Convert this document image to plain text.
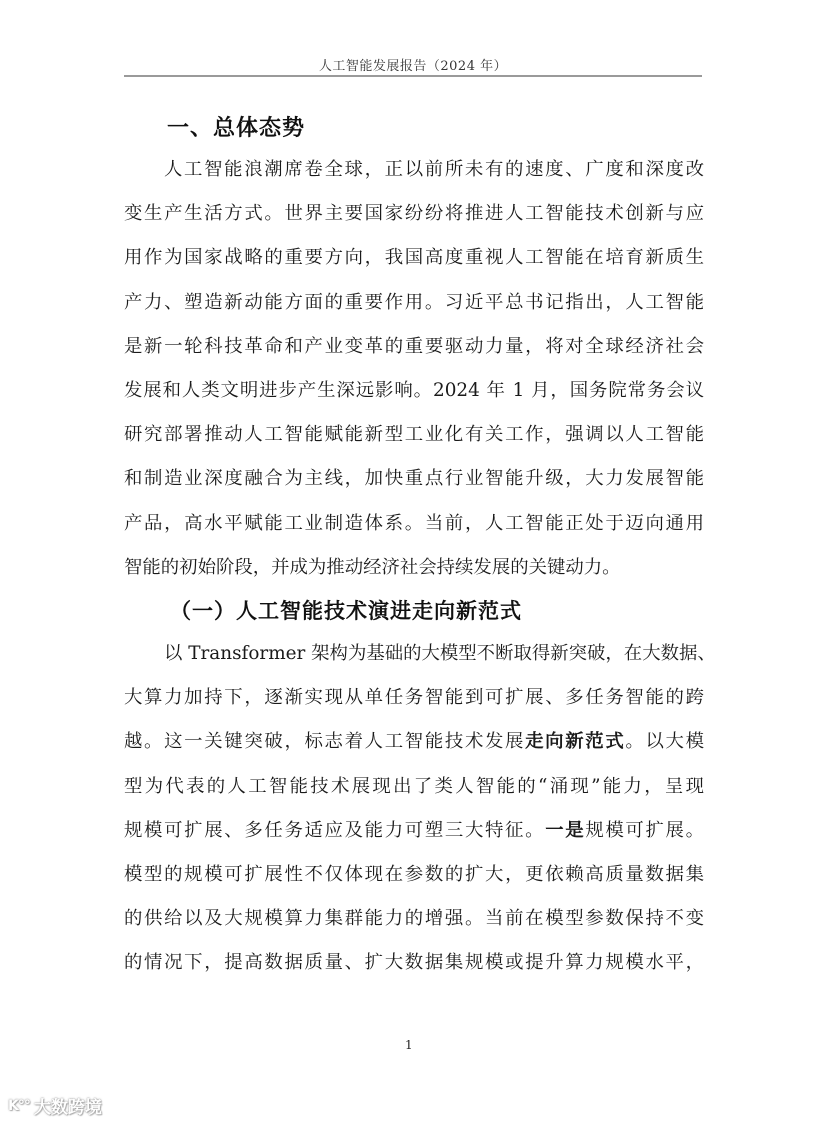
人工智能发展报告（2024 年）
一、总体态势
人工智能浪潮席卷全球，正以前所未有的速度、广度和深度改
变生产生活方式。世界主要国家纷纷将推进人工智能技术创新与应
用作为国家战略的重要方向，我国高度重视人工智能在培育新质生
产力、塑造新动能方面的重要作用。习近平总书记指出，人工智能
是新一轮科技革命和产业变革的重要驱动力量，将对全球经济社会
发展和人类文明进步产生深远影响。2024 年 1 月，国务院常务会议
研究部署推动人工智能赋能新型工业化有关工作，强调以人工智能
和制造业深度融合为主线，加快重点行业智能升级，大力发展智能
产品，高水平赋能工业制造体系。当前，人工智能正处于迈向通用
智能的初始阶段，并成为推动经济社会持续发展的关键动力。
（一）人工智能技术演进走向新范式
以 Transformer 架构为基础的大模型不断取得新突破，在大数据、
大算力加持下，逐渐实现从单任务智能到可扩展、多任务智能的跨
越。这一关键突破，标志着人工智能技术发展走向新范式。以大模
型为代表的人工智能技术展现出了类人智能的“涌现”能力，呈现
规模可扩展、多任务适应及能力可塑三大特征。一是规模可扩展。
模型的规模可扩展性不仅体现在参数的扩大，更依赖高质量数据集
的供给以及大规模算力集群能力的增强。当前在模型参数保持不变
的情况下，提高数据质量、扩大数据集规模或提升算力规模水平，
1
K°° 大数跨境
